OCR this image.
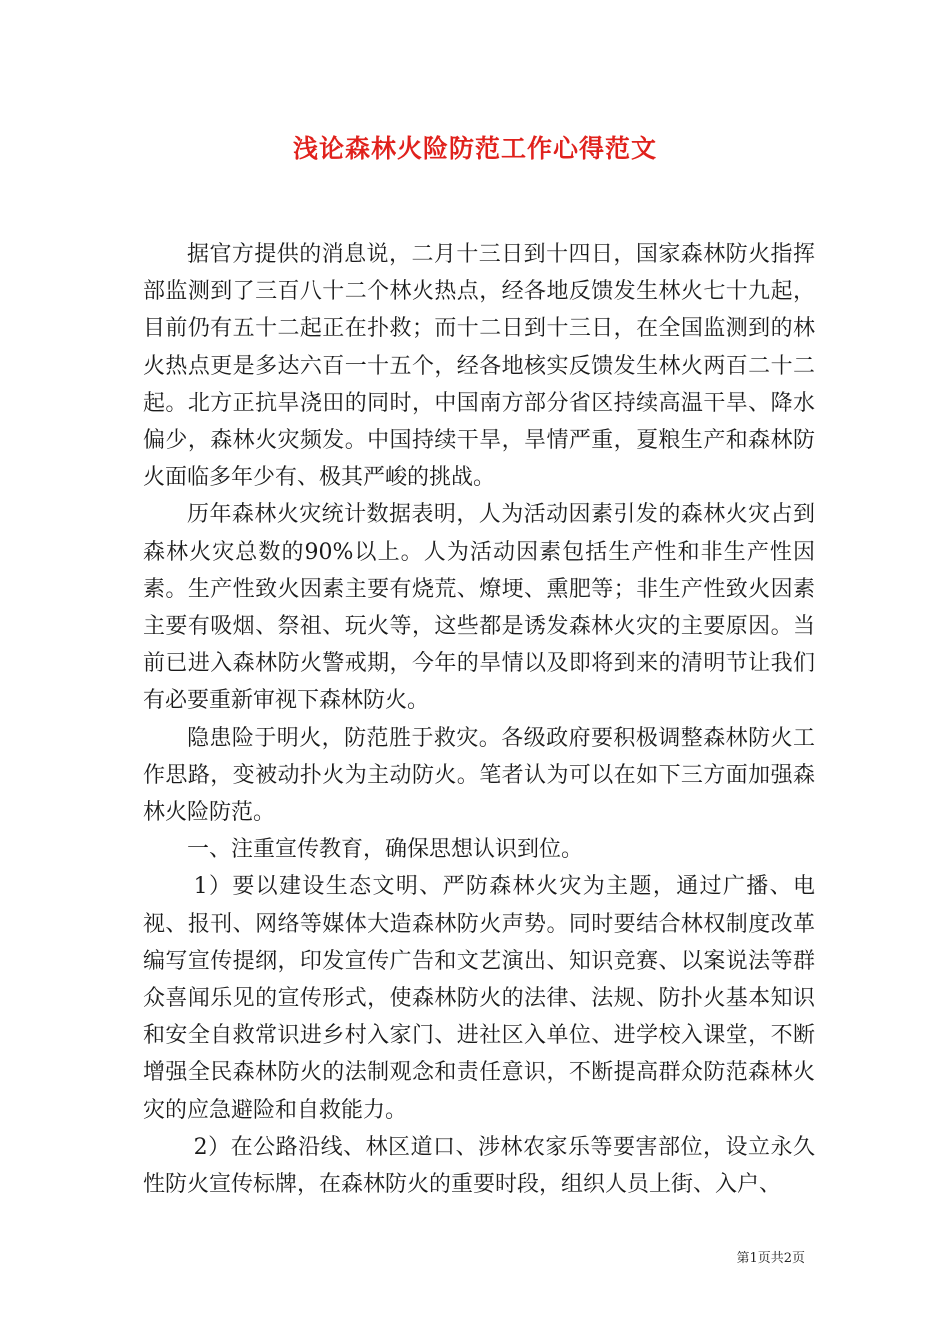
浅论森林火险防范工作心得范文

据官方提供的消息说，二月十三日到十四日，国家森林防火指挥部监测到了三百八十二个林火热点，经各地反馈发生林火七十九起，目前仍有五十二起正在扑救；而十二日到十三日，在全国监测到的林火热点更是多达六百一十五个，经各地核实反馈发生林火两百二十二起。北方正抗旱浇田的同时，中国南方部分省区持续高温干旱、降水偏少，森林火灾频发。中国持续干旱，旱情严重，夏粮生产和森林防火面临多年少有、极其严峻的挑战。

历年森林火灾统计数据表明，人为活动因素引发的森林火灾占到森林火灾总数的90%以上。人为活动因素包括生产性和非生产性因素。生产性致火因素主要有烧荒、燎埂、熏肥等；非生产性致火因素主要有吸烟、祭祖、玩火等，这些都是诱发森林火灾的主要原因。当前已进入森林防火警戒期，今年的旱情以及即将到来的清明节让我们有必要重新审视下森林防火。

隐患险于明火，防范胜于救灾。各级政府要积极调整森林防火工作思路，变被动扑火为主动防火。笔者认为可以在如下三方面加强森林火险防范。

一、注重宣传教育，确保思想认识到位。

1）要以建设生态文明、严防森林火灾为主题，通过广播、电视、报刊、网络等媒体大造森林防火声势。同时要结合林权制度改革编写宣传提纲，印发宣传广告和文艺演出、知识竞赛、以案说法等群众喜闻乐见的宣传形式，使森林防火的法律、法规、防扑火基本知识和安全自救常识进乡村入家门、进社区入单位、进学校入课堂，不断增强全民森林防火的法制观念和责任意识，不断提高群众防范森林火灾的应急避险和自救能力。

2）在公路沿线、林区道口、涉林农家乐等要害部位，设立永久性防火宣传标牌，在森林防火的重要时段，组织人员上街、入户、

第1页共2页
